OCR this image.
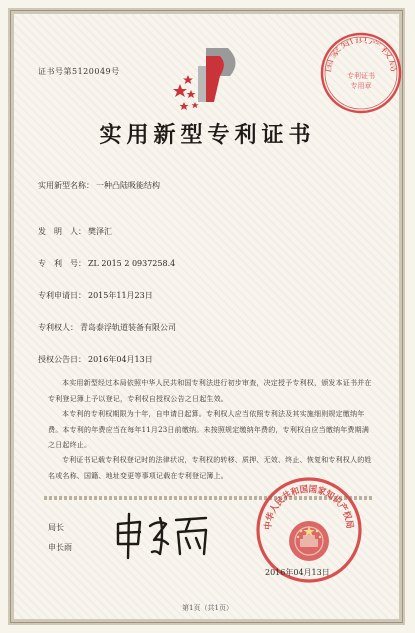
国家知识产权局
专利证书
专用章
证书号第5120049号
实用新型专利证书
实用新型名称： 一种凸陆吸能结构
发　明　人： 樊泽汇
专　利　号： ZL 2015 2 0937258.4
专利申请日： 2015年11月23日
专利权人： 青岛泰浮轨道装备有限公司
授权公告日： 2016年04月13日
本实用新型经过本局依照中华人民共和国专利法进行初步审查，决定授予专利权，颁发本证书并在专利登记簿上予以登记，专利权自授权公告之日起生效。
本专利的专利权期限为十年，自申请日起算。专利权人应当依照专利法及其实施细则规定缴纳年费。本专利的年费应当在每年11月23日前缴纳。未按照规定缴纳年费的，专利权自应当缴纳年费期满之日起终止。
专利证书记载专利权登记时的法律状况，专利权的转移、质押、无效、终止、恢复和专利权人的姓名或名称、国籍、地址变更等事项记载在专利登记簿上。
局长
申长雨
中华人民共和国国家知识产权局
2016年04月13日
第1页（共1页）
